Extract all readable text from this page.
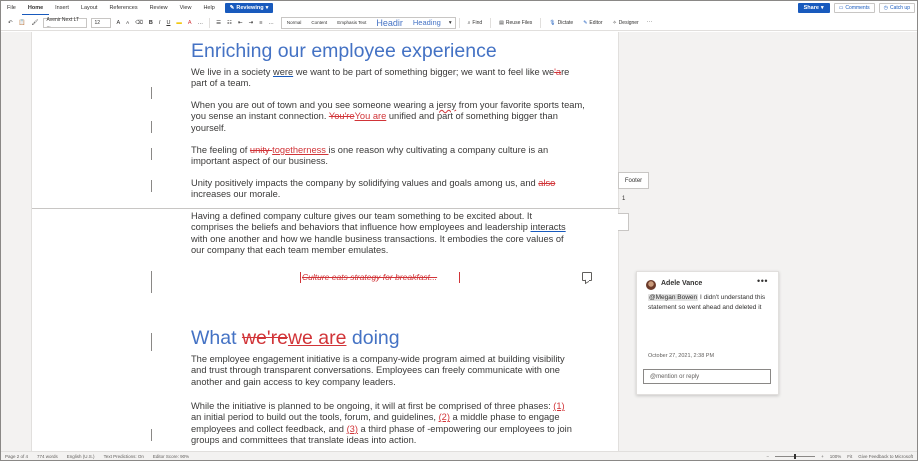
File	Home	Insert	Layout	References	Review	View	Help	✎ Reviewing ▾	Share ▾	▭ Comments	◷ Catch up
↶	📋	🖌	Avenir Next LT ...	12	A	A	⌫	B	I	U	▬	A	…	☰	☷	⇤	⇥	≡	…	Normal	Content	Emphasis Text	Headir	Heading	▾	⌕ Find	▤ Reuse Files	🎙 Dictate ✎ Editor ✧ Designer	⋯
Enriching our employee experience
We live in a society were we want to be part of something bigger; we want to feel like we'are part of a team.
When you are out of town and you see someone wearing a jersy from your favorite sports team, you sense an instant connection. You'reYou are unified and part of something bigger than yourself.
The feeling of unity togetherness is one reason why cultivating a company culture is an important aspect of our business.
Unity positively impacts the company by solidifying values and goals among us, and also increases our morale.
Having a defined company culture gives our team something to be excited about. It comprises the beliefs and behaviors that influence how employees and leadership interacts with one another and how we handle business transactions. It embodies the core values of our company that each team member emulates.
What we'rewe are doing
The employee engagement initiative is a company-wide program aimed at building visibility and trust through transparent conversations. Employees can freely communicate with one another and gain access to key company leaders.
While the initiative is planned to be ongoing, it will at first be comprised of three phases: (1) an initial period to build out the tools, forum, and guidelines, (2) a middle phase to engage employees and collect feedback, and (3) a third phase of -empowering our employees to join groups and committees that translate ideas into action.
Culture eats strategy for breakfast...
Footer
1
Adele Vance	•••
@Megan Bowen I didn't understand this statement so went ahead and deleted it
October 27, 2021, 2:38 PM
@mention or reply
Page 2 of 4 774 words English (U.S.) Text Predictions: On Editor Score: 90%	−	+ 100% Fit Give Feedback to Microsoft
